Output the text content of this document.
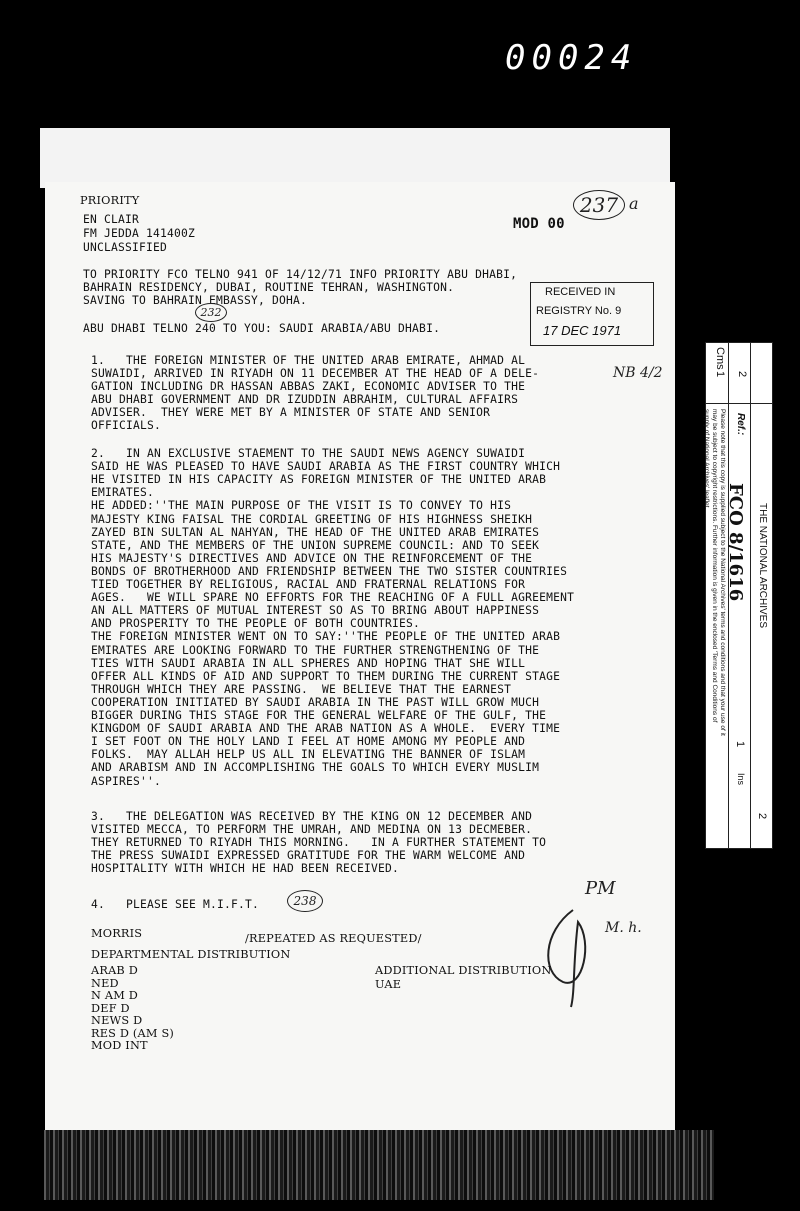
00024
PRIORITY
EN CLAIR
FM JEDDA 141400Z
UNCLASSIFIED
MOD 00
237 a
TO PRIORITY FCO TELNO 941 OF 14/12/71 INFO PRIORITY ABU DHABI,
BAHRAIN RESIDENCY, DUBAI, ROUTINE TEHRAN, WASHINGTON.
SAVING TO BAHRAIN EMBASSY, DOHA.
ABU DHABI TELNO 240 TO YOU: SAUDI ARABIA/ABU DHABI.
232
RECEIVED IN
REGISTRY No. 9
17 DEC 1971
NB 4/2
1.   THE FOREIGN MINISTER OF THE UNITED ARAB EMIRATE, AHMAD AL
SUWAIDI, ARRIVED IN RIYADH ON 11 DECEMBER AT THE HEAD OF A DELE-
GATION INCLUDING DR HASSAN ABBAS ZAKI, ECONOMIC ADVISER TO THE
ABU DHABI GOVERNMENT AND DR IZUDDIN ABRAHIM, CULTURAL AFFAIRS
ADVISER.  THEY WERE MET BY A MINISTER OF STATE AND SENIOR
OFFICIALS.
2.   IN AN EXCLUSIVE STAEMENT TO THE SAUDI NEWS AGENCY SUWAIDI
SAID HE WAS PLEASED TO HAVE SAUDI ARABIA AS THE FIRST COUNTRY WHICH
HE VISITED IN HIS CAPACITY AS FOREIGN MINISTER OF THE UNITED ARAB
EMIRATES.
HE ADDED:''THE MAIN PURPOSE OF THE VISIT IS TO CONVEY TO HIS
MAJESTY KING FAISAL THE CORDIAL GREETING OF HIS HIGHNESS SHEIKH
ZAYED BIN SULTAN AL NAHYAN, THE HEAD OF THE UNITED ARAB EMIRATES
STATE, AND THE MEMBERS OF THE UNION SUPREME COUNCIL: AND TO SEEK
HIS MAJESTY'S DIRECTIVES AND ADVICE ON THE REINFORCEMENT OF THE
BONDS OF BROTHERHOOD AND FRIENDSHIP BETWEEN THE TWO SISTER COUNTRIES
TIED TOGETHER BY RELIGIOUS, RACIAL AND FRATERNAL RELATIONS FOR
AGES.   WE WILL SPARE NO EFFORTS FOR THE REACHING OF A FULL AGREEMENT
AN ALL MATTERS OF MUTUAL INTEREST SO AS TO BRING ABOUT HAPPINESS
AND PROSPERITY TO THE PEOPLE OF BOTH COUNTRIES.
THE FOREIGN MINISTER WENT ON TO SAY:''THE PEOPLE OF THE UNITED ARAB
EMIRATES ARE LOOKING FORWARD TO THE FURTHER STRENGTHENING OF THE
TIES WITH SAUDI ARABIA IN ALL SPHERES AND HOPING THAT SHE WILL
OFFER ALL KINDS OF AID AND SUPPORT TO THEM DURING THE CURRENT STAGE
THROUGH WHICH THEY ARE PASSING.  WE BELIEVE THAT THE EARNEST
COOPERATION INITIATED BY SAUDI ARABIA IN THE PAST WILL GROW MUCH
BIGGER DURING THIS STAGE FOR THE GENERAL WELFARE OF THE GULF, THE
KINGDOM OF SAUDI ARABIA AND THE ARAB NATION AS A WHOLE.  EVERY TIME
I SET FOOT ON THE HOLY LAND I FEEL AT HOME AMONG MY PEOPLE AND
FOLKS.  MAY ALLAH HELP US ALL IN ELEVATING THE BANNER OF ISLAM
AND ARABISM AND IN ACCOMPLISHING THE GOALS TO WHICH EVERY MUSLIM
ASPIRES''.
3.   THE DELEGATION WAS RECEIVED BY THE KING ON 12 DECEMBER AND
VISITED MECCA, TO PERFORM THE UMRAH, AND MEDINA ON 13 DECMEBER.
THEY RETURNED TO RIYADH THIS MORNING.   IN A FURTHER STATEMENT TO
THE PRESS SUWAIDI EXPRESSED GRATITUDE FOR THE WARM WELCOME AND
HOSPITALITY WITH WHICH HE HAD BEEN RECEIVED.
4.   PLEASE SEE M.I.F.T.	238
PM
M. h.
MORRIS	/REPEATED AS REQUESTED/
DEPARTMENTAL DISTRIBUTION
ARAB D
NED
N AM D
DEF D
NEWS D
RES D (AM S)
MOD INT
ADDITIONAL DISTRIBUTION
UAE
Cms
1 2
Please note that this copy is supplied subject to the National Archives' terms and conditions and that your use of it may be subject to copyright restrictions. Further information is given in the enclosed 'Terms and Conditions of supply of National Archives' leaflet.	Ref.:
FCO 8/1616 THE NATIONAL ARCHIVES
1
Ins
2
